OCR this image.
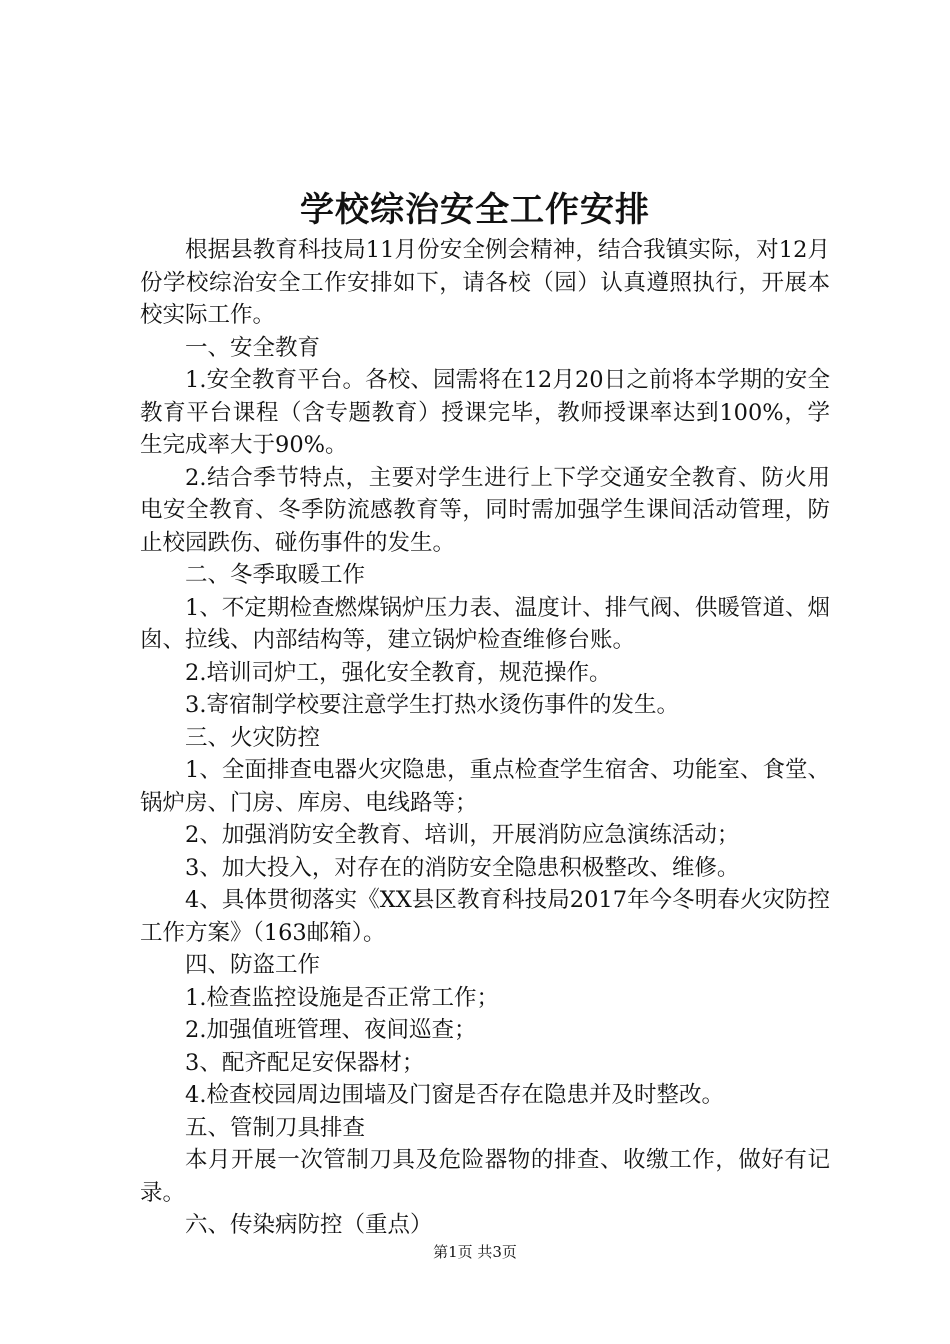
学校综治安全工作安排

根据县教育科技局11月份安全例会精神，结合我镇实际，对12月份学校综治安全工作安排如下，请各校（园）认真遵照执行，开展本校实际工作。

一、安全教育

1.安全教育平台。各校、园需将在12月20日之前将本学期的安全教育平台课程（含专题教育）授课完毕，教师授课率达到100%，学生完成率大于90%。

2.结合季节特点，主要对学生进行上下学交通安全教育、防火用电安全教育、冬季防流感教育等，同时需加强学生课间活动管理，防止校园跌伤、碰伤事件的发生。

二、冬季取暖工作

1、不定期检查燃煤锅炉压力表、温度计、排气阀、供暖管道、烟囱、拉线、内部结构等，建立锅炉检查维修台账。

2.培训司炉工，强化安全教育，规范操作。

3.寄宿制学校要注意学生打热水烫伤事件的发生。

三、火灾防控

1、全面排查电器火灾隐患，重点检查学生宿舍、功能室、食堂、锅炉房、门房、库房、电线路等；

2、加强消防安全教育、培训，开展消防应急演练活动；

3、加大投入，对存在的消防安全隐患积极整改、维修。

4、具体贯彻落实《XX县区教育科技局2017年今冬明春火灾防控工作方案》（163邮箱）。

四、防盗工作

1.检查监控设施是否正常工作；

2.加强值班管理、夜间巡查；

3、配齐配足安保器材；

4.检查校园周边围墙及门窗是否存在隐患并及时整改。

五、管制刀具排查

本月开展一次管制刀具及危险器物的排查、收缴工作，做好有记录。

六、传染病防控（重点）

第1页 共3页
